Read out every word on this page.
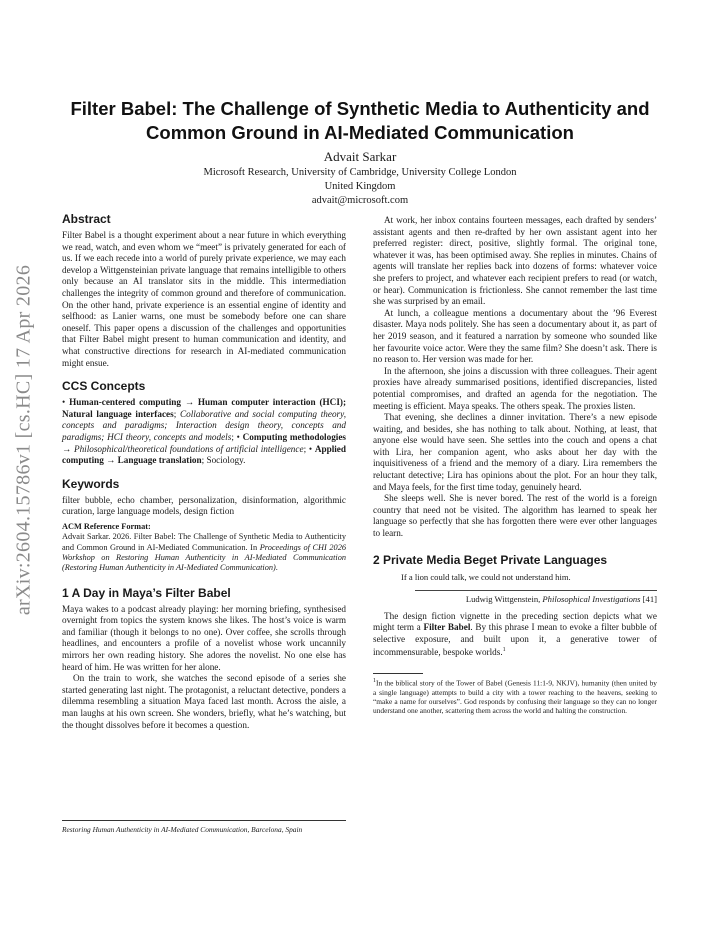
arXiv:2604.15786v1 [cs.HC] 17 Apr 2026
Filter Babel: The Challenge of Synthetic Media to Authenticity and Common Ground in AI-Mediated Communication
Advait Sarkar
Microsoft Research, University of Cambridge, University College London
United Kingdom
advait@microsoft.com
Abstract

Filter Babel is a thought experiment about a near future in which everything we read, watch, and even whom we “meet” is privately generated for each of us. If we each recede into a world of purely private experience, we may each develop a Wittgensteinian private language that remains intelligible to others only because an AI translator sits in the middle. This intermediation challenges the integrity of common ground and therefore of communication. On the other hand, private experience is an essential engine of identity and selfhood: as Lanier warns, one must be somebody before one can share oneself. This paper opens a discussion of the challenges and opportunities that Filter Babel might present to human communication and identity, and what constructive directions for research in AI-mediated communication might ensue.

CCS Concepts

• Human-centered computing → Human computer interaction (HCI); Natural language interfaces; Collaborative and social computing theory, concepts and paradigms; Interaction design theory, concepts and paradigms; HCI theory, concepts and models; • Computing methodologies → Philosophical/theoretical foundations of artificial intelligence; • Applied computing → Language translation; Sociology.

Keywords

filter bubble, echo chamber, personalization, disinformation, algorithmic curation, large language models, design fiction

ACM Reference Format:

Advait Sarkar. 2026. Filter Babel: The Challenge of Synthetic Media to Authenticity and Common Ground in AI-Mediated Communication. In Proceedings of CHI 2026 Workshop on Restoring Human Authenticity in AI-Mediated Communication (Restoring Human Authenticity in AI-Mediated Communication).

1 A Day in Maya’s Filter Babel

Maya wakes to a podcast already playing: her morning briefing, synthesised overnight from topics the system knows she likes. The host’s voice is warm and familiar (though it belongs to no one). Over coffee, she scrolls through headlines, and encounters a profile of a novelist whose work uncannily mirrors her own reading history. She adores the novelist. No one else has heard of him. He was written for her alone.

On the train to work, she watches the second episode of a series she started generating last night. The protagonist, a reluctant detective, ponders a dilemma resembling a situation Maya faced last month. Across the aisle, a man laughs at his own screen. She wonders, briefly, what he’s watching, but the thought dissolves before it becomes a question.

At work, her inbox contains fourteen messages, each drafted by senders’ assistant agents and then re-drafted by her own assistant agent into her preferred register: direct, positive, slightly formal. The original tone, whatever it was, has been optimised away. She replies in minutes. Chains of agents will translate her replies back into dozens of forms: whatever voice she prefers to project, and whatever each recipient prefers to read (or watch, or hear). Communication is frictionless. She cannot remember the last time she was surprised by an email.

At lunch, a colleague mentions a documentary about the ’96 Everest disaster. Maya nods politely. She has seen a documentary about it, as part of her 2019 season, and it featured a narration by someone who sounded like her favourite voice actor. Were they the same film? She doesn’t ask. There is no reason to. Her version was made for her.

In the afternoon, she joins a discussion with three colleagues. Their agent proxies have already summarised positions, identified discrepancies, listed potential compromises, and drafted an agenda for the negotiation. The meeting is efficient. Maya speaks. The others speak. The proxies listen.

That evening, she declines a dinner invitation. There’s a new episode waiting, and besides, she has nothing to talk about. Nothing, at least, that anyone else would have seen. She settles into the couch and opens a chat with Lira, her companion agent, who asks about her day with the inquisitiveness of a friend and the memory of a diary. Lira remembers the reluctant detective; Lira has opinions about the plot. For an hour they talk, and Maya feels, for the first time today, genuinely heard.

She sleeps well. She is never bored. The rest of the world is a foreign country that need not be visited. The algorithm has learned to speak her language so perfectly that she has forgotten there were ever other languages to learn.

2 Private Media Beget Private Languages
If a lion could talk, we could not understand him.
Ludwig Wittgenstein, Philosophical Investigations [41]

The design fiction vignette in the preceding section depicts what we might term a Filter Babel. By this phrase I mean to evoke a filter bubble of selective exposure, and built upon it, a generative tower of incommensurable, bespoke worlds.$^1$

$^1$In the biblical story of the Tower of Babel (Genesis 11:1-9, NKJV), humanity (then united by a single language) attempts to build a city with a tower reaching to the heavens, seeking to “make a name for ourselves”. God responds by confusing their language so they can no longer understand one another, scattering them across the world and halting the construction.

Restoring Human Authenticity in AI-Mediated Communication, Barcelona, Spain
